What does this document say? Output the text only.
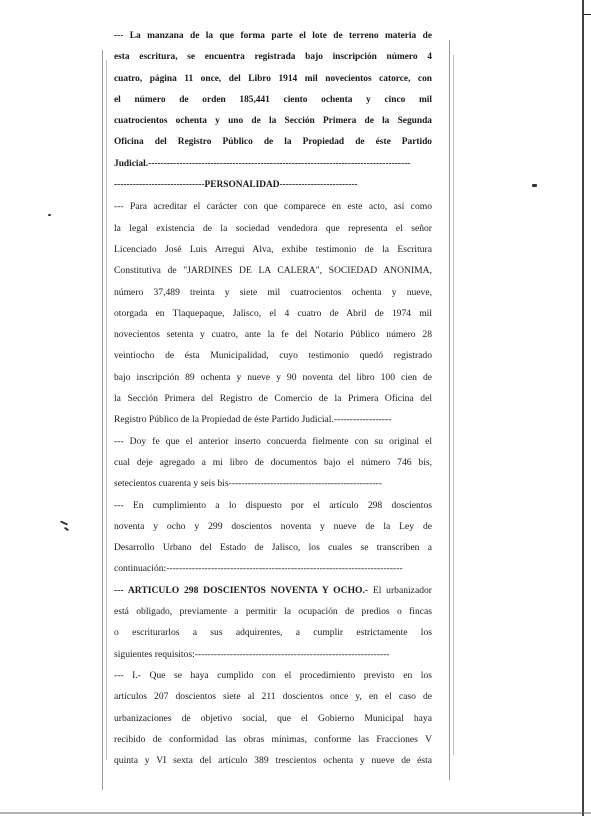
--- La manzana de la que forma parte el lote de terreno materia de
esta escritura, se encuentra registrada bajo inscripción número 4
cuatro, página 11 once, del Libro 1914 mil novecientos catorce, con
el número de orden 185,441 ciento ochenta y cinco mil
cuatrocientos ochenta y uno de la Sección Primera de la Segunda
Oficina del Registro Público de la Propiedad de éste Partido
Judicial.------------------------------------------------------------------------------------
-----------------------------PERSONALIDAD-------------------------
--- Para acreditar el carácter con que comparece en este acto, así como
la legal existencia de la sociedad vendedora que representa el señor
Licenciado José Luis Arregui Alva, exhibe testimonio de la Escritura
Constitutiva de "JARDINES DE LA CALERA", SOCIEDAD ANONIMA,
número 37,489 treinta y siete mil cuatrocientos ochenta y nueve,
otorgada en Tlaquepaque, Jalisco, el 4 cuatro de Abril de 1974 mil
novecientos setenta y cuatro, ante la fe del Notario Público número 28
veintiocho de ésta Municipalidad, cuyo testimonio quedó registrado
bajo inscripción 89 ochenta y nueve y 90 noventa del libro 100 cien de
la Sección Primera del Registro de Comercio de la Primera Oficina del
Registro Público de la Propiedad de éste Partido Judicial.------------------
--- Doy fe que el anterior inserto concuerda fielmente con su original el
cual deje agregado a mi libro de documentos bajo el número 746 bis,
setecientos cuarenta y seis bis------------------------------------------------
--- En cumplimiento a lo dispuesto por el artículo 298 doscientos
noventa y ocho y 299 doscientos noventa y nueve de la Ley de
Desarrollo Urbano del Estado de Jalisco, los cuales se transcriben a
continuación:--------------------------------------------------------------------------
--- ARTICULO 298 DOSCIENTOS NOVENTA Y OCHO.- El urbanizador
está obligado, previamente a permitir la ocupación de predios o fincas
o escriturarlos a sus adquirentes, a cumplir estrictamente los
siguientes requisitos:-------------------------------------------------------------
--- I.- Que se haya cumplido con el procedimiento previsto en los
artículos 207 doscientos siete al 211 doscientos once y, en el caso de
urbanizaciones de objetivo social, que el Gobierno Municipal haya
recibido de conformidad las obras mínimas, conforme las Fracciones V
quinta y VI sexta del artículo 389 trescientos ochenta y nueve de ésta
